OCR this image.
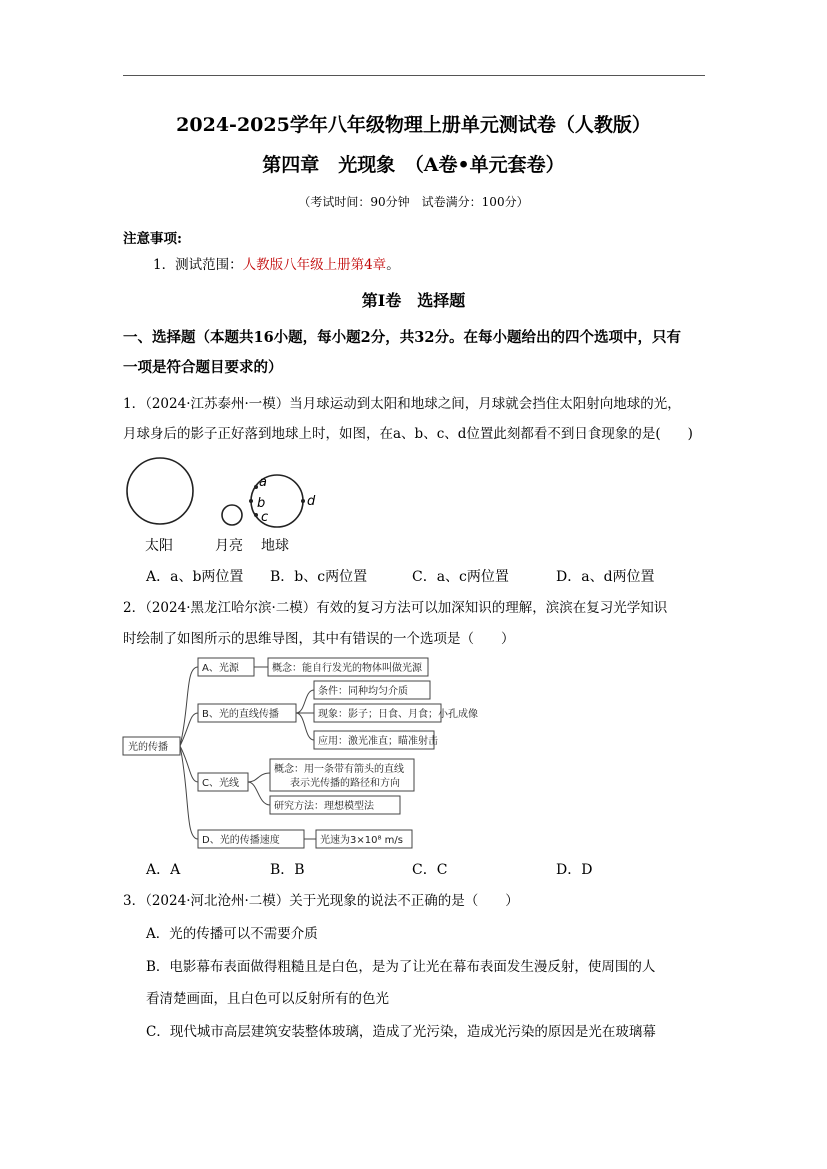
2024-2025学年八年级物理上册单元测试卷（人教版）
第四章　光现象　（A卷•单元套卷）
（考试时间：90分钟　试卷满分：100分）
注意事项:
1．测试范围：人教版八年级上册第4章。
第Ⅰ卷　选择题
一、选择题（本题共16小题，每小题2分，共32分。在每小题给出的四个选项中，只有
一项是符合题目要求的）
1．（2024·江苏泰州·一模）当月球运动到太阳和地球之间，月球就会挡住太阳射向地球的光，
月球身后的影子正好落到地球上时，如图，在a、b、c、d位置此刻都看不到日食现象的是(　　)
a
b
c
d
太阳	月亮 地球
A．a、b两位置 B．b、c两位置	C．a、c两位置	D．a、d两位置
2．（2024·黑龙江哈尔滨·二模）有效的复习方法可以加深知识的理解，滨滨在复习光学知识
时绘制了如图所示的思维导图，其中有错误的一个选项是（　　）
光的传播
A、光源	概念：能自行发光的物体叫做光源
B、光的直线传播
条件：同种均匀介质
现象：影子；日食、月食；小孔成像
应用：激光准直；瞄准射击
C、光线
概念：用一条带有箭头的直线
表示光传播的路径和方向
研究方法：理想模型法
D、光的传播速度	光速为3×10⁸ m/s
A．A	B．B	C．C	D．D
3．（2024·河北沧州·二模）关于光现象的说法不正确的是（　　）
A．光的传播可以不需要介质
B．电影幕布表面做得粗糙且是白色，是为了让光在幕布表面发生漫反射，使周围的人
看清楚画面，且白色可以反射所有的色光
C．现代城市高层建筑安装整体玻璃，造成了光污染，造成光污染的原因是光在玻璃幕
